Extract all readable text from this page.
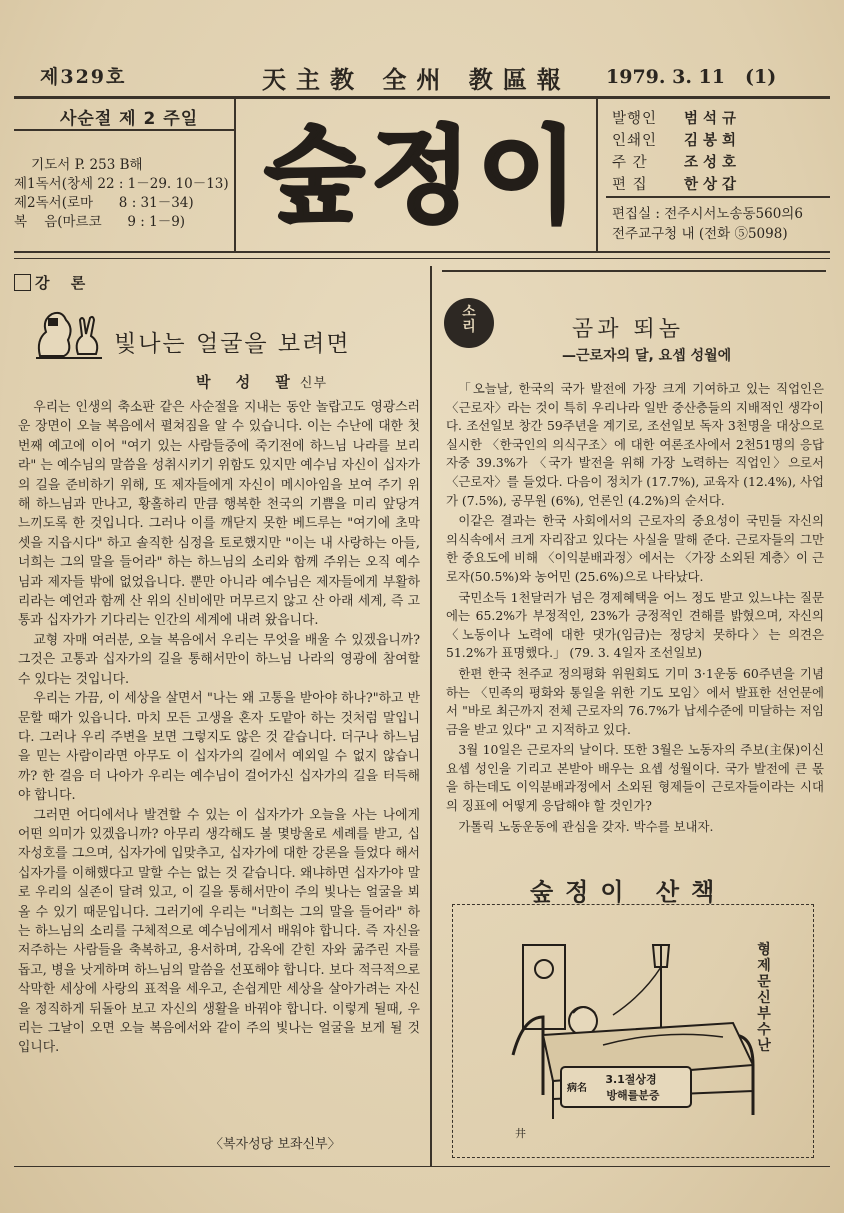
제329호	天主教 全州 教區報 1979. 3. 11 (1)
사순절 제 2 주일
기도서 P. 253 B해
제1독서(창세 22 : 1－29. 10－13)
제2독서(로마      8 : 31－34)
복    음(마르코      9 : 1－9) 숲정이 발행인	범석규
인쇄인	김봉희
주 간	조성호
편 집	한상갑
편집실 : 전주시서노송동560의6
전주교구청 내 (전화 ⑤5098)
강 론
빛나는 얼굴을 보려면
박 성 팔신부

우리는 인생의 축소판 같은 사순절을 지내는 동안 놀랍고도 영광스러운 장면이 오늘 복음에서 펼쳐짐을 알 수 있습니다. 이는 수난에 대한 첫번째 예고에 이어 "여기 있는 사람들중에 죽기전에 하느님 나라를 보리라" 는 예수님의 말씀을 성취시키기 위함도 있지만 예수님 자신이 십자가의 길을 준비하기 위해, 또 제자들에게 자신이 메시아임을 보여 주기 위해 하느님과 만나고, 황홀하리 만큼 행복한 천국의 기쁨을 미리 앞당겨 느끼도록 한 것입니다. 그러나 이를 깨닫지 못한 베드루는 "여기에 초막 셋을 지읍시다" 하고 솔직한 심정을 토로했지만 "이는 내 사랑하는 아들, 너희는 그의 말을 들어라" 하는 하느님의 소리와 함께 주위는 오직 예수님과 제자들 밖에 없었읍니다. 뿐만 아니라 예수님은 제자들에게 부활하리라는 예언과 함께 산 위의 신비에만 머무르지 않고 산 아래 세계, 즉 고통과 십자가가 기다리는 인간의 세계에 내려 왔읍니다.

교형 자매 여러분, 오늘 복음에서 우리는 무엇을 배울 수 있겠읍니까? 그것은 고통과 십자가의 길을 통해서만이 하느님 나라의 영광에 참여할 수 있다는 것입니다.

우리는 가끔, 이 세상을 살면서 "나는 왜 고통을 받아야 하나?"하고 반문할 때가 있읍니다. 마치 모든 고생을 혼자 도맡아 하는 것처럼 말입니다. 그러나 우리 주변을 보면 그렇지도 않은 것 같습니다. 더구나 하느님을 믿는 사람이라면 아무도 이 십자가의 길에서 예외일 수 없지 않습니까? 한 걸음 더 나아가 우리는 예수님이 걸어가신 십자가의 길을 터득해야 합니다.

그러면 어디에서나 발견할 수 있는 이 십자가가 오늘을 사는 나에게 어떤 의미가 있겠읍니까? 아무리 생각해도 볼 몇방울로 세례를 받고, 십자성호를 그으며, 십자가에 입맞추고, 십자가에 대한 강론을 들었다 해서 십자가를 이해했다고 말할 수는 없는 것 같습니다. 왜냐하면 십자가야 말로 우리의 실존이 달려 있고, 이 길을 통해서만이 주의 빛나는 얼굴을 뵈올 수 있기 때문입니다. 그러기에 우리는 "너희는 그의 말을 들어라" 하는 하느님의 소리를 구체적으로 예수님에게서 배워야 합니다. 즉 자신을 저주하는 사람들을 축복하고, 용서하며, 감옥에 갇힌 자와 굶주린 자를 돕고, 병을 낫게하며 하느님의 말씀을 선포해야 합니다. 보다 적극적으로 삭막한 세상에 사랑의 표적을 세우고, 손쉽게만 세상을 살아가려는 자신을 정직하게 뒤돌아 보고 자신의 생활을 바꿔야 합니다. 이렇게 될때, 우리는 그날이 오면 오늘 복음에서와 같이 주의 빛나는 얼굴을 보게 될 것입니다.

〈복자성당 보좌신부〉
소리	곰과 뙤놈
—근로자의 달, 요셉 성월에

「오늘날, 한국의 국가 발전에 가장 크게 기여하고 있는 직업인은 〈근로자〉라는 것이 특히 우리나라 일반 중산층들의 지배적인 생각이다. 조선일보 창간 59주년을 계기로, 조선일보 독자 3천명을 대상으로 실시한 〈한국인의 의식구조〉에 대한 여론조사에서 2천51명의 응답자중 39.3%가 〈국가 발전을 위해 가장 노력하는 직업인〉으로서 〈근로자〉를 들었다. 다음이 정치가 (17.7%), 교육자 (12.4%), 사업가 (7.5%), 공무원 (6%), 언론인 (4.2%)의 순서다.

이같은 결과는 한국 사회에서의 근로자의 중요성이 국민들 자신의 의식속에서 크게 자리잡고 있다는 사실을 말해 준다. 근로자들의 그만한 중요도에 비해 〈이익분배과정〉에서는 〈가장 소외된 계층〉이 근로자(50.5%)와 농어민 (25.6%)으로 나타났다.

국민소득 1천달러가 넘은 경제혜택을 어느 정도 받고 있느냐는 질문에는 65.2%가 부정적인, 23%가 긍정적인 견해를 밝혔으며, 자신의 〈노동이나 노력에 대한 댓가(임금)는 정당치 못하다〉는 의견은 51.2%가 표명했다.」 (79. 3. 4일자 조선일보)

한편 한국 천주교 정의평화 위원회도 기미 3·1운동 60주년을 기념하는 〈민족의 평화와 통일을 위한 기도 모임〉에서 발표한 선언문에서 "바로 최근까지 전체 근로자의 76.7%가 납세수준에 미달하는 저임금을 받고 있다" 고 지적하고 있다.

3월 10일은 근로자의 날이다. 또한 3월은 노동자의 주보(主保)이신 요셉 성인을 기리고 본받아 배우는 요셉 성월이다. 국가 발전에 큰 몫을 하는데도 이익분배과정에서 소외된 형제들이 근로자들이라는 시대의 징표에 어떻게 응답해야 할 것인가?

가톨릭 노동운동에 관심을 갖자. 박수를 보내자.

숲정이 산책
病名
3.1절상경
방해를분증
井
형제 문신부 수난
